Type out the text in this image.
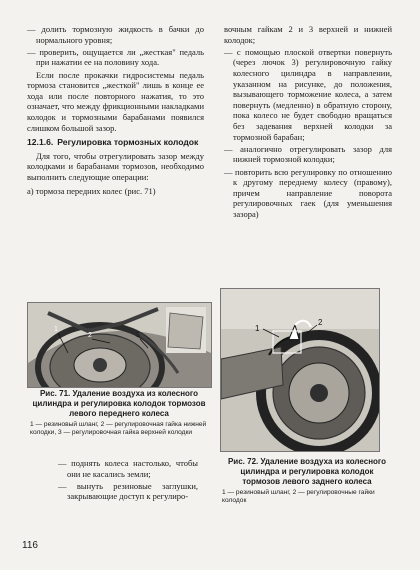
— долить тормозную жидкость в бачки до нормального уровня;

— проверить, ощущается ли „жесткая" педаль при нажатии ее на половину хода.

Если после прокачки гидросистемы педаль тормоза становится „жесткой" лишь в конце ее хода или после повторного нажатия, то это означает, что между фрикционными накладками колодок и тормозными барабанами появился слишком большой зазор.

12.1.6. Регулировка тормозных колодок

Для того, чтобы отрегулировать зазор между колодками и барабанами тормозов, необходимо выполнить следующие операции:

а) тормоза передних колес (рис. 71)

вочным гайкам 2 и 3 верхней и нижней колодок;

— с помощью плоской отвертки повернуть (через лючок 3) регулировочную гайку колесного цилиндра в направлении, указанном на рисунке, до положения, вызывающего торможение колеса, а затем повернуть (медленно) в обратную сторону, пока колесо не будет свободно вращаться без задевания верхней колодки за тормозной барабан;

— аналогично отрегулировать зазор для нижней тормозной колодки;

— повторить всю регулировку по отношению к другому переднему колесу (правому), причем направление поворота регулировочных гаек (для уменьшения зазора)

1
2	3

Рис. 71. Удаление воздуха из колесного цилиндра и регулировка колодок тормозов левого переднего колеса

1 — резиновый шланг, 2 — регулировочная гайка нижней колодки, 3 — регулировочная гайка верхней колодки

1
2

Рис. 72. Удаление воздуха из колесного цилиндра и регулировка колодок тормозов левого заднего колеса

1 — резиновый шланг, 2 — регулировочные гайки колодок

— поднять колеса настолько, чтобы они не касались земли;

— вынуть резиновые заглушки, закрывающие доступ к регулиро-

116
